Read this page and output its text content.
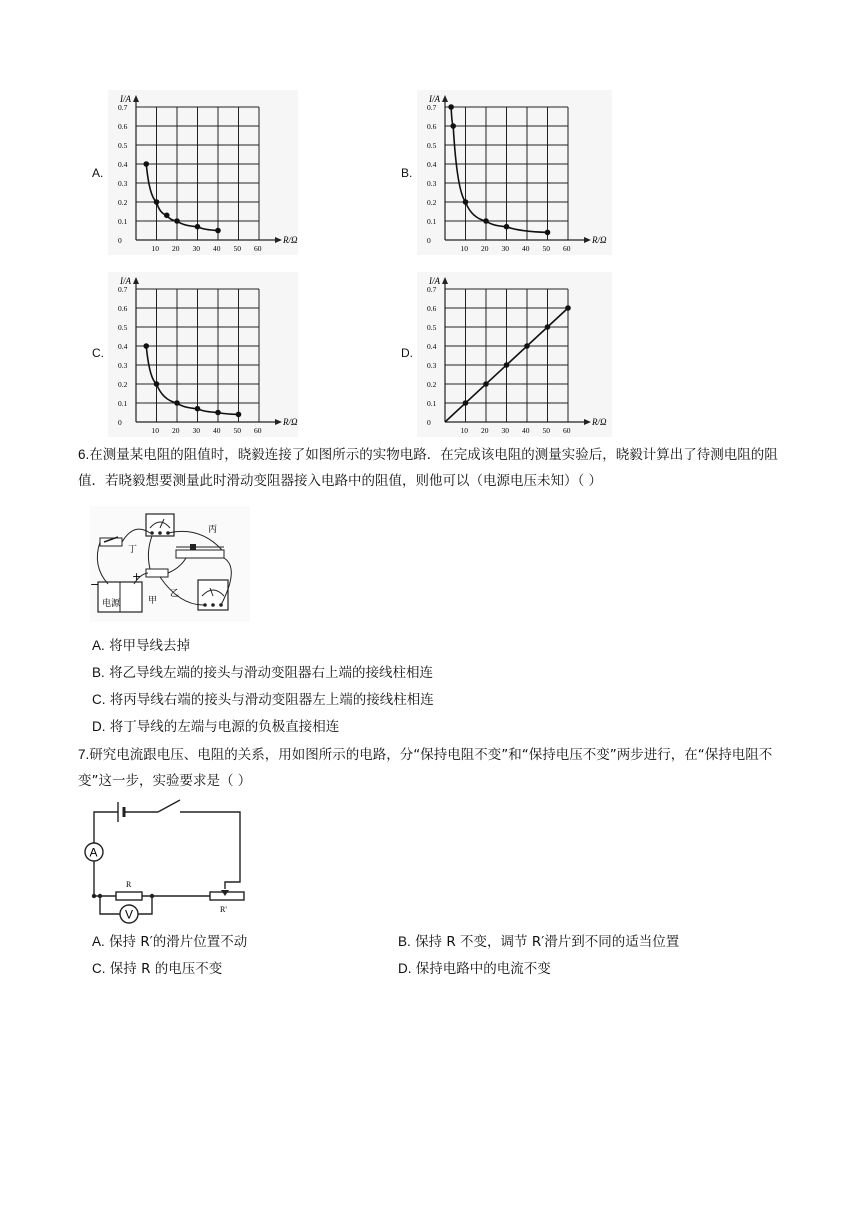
A.	B.
C.	D.
I/A
R/Ω
0.7
0.6
0.5
0.4
0.3
0.2
0.1
0
10 20 30 40 50 60
I/A
R/Ω
0.7
0.6
0.5
0.4
0.3
0.2
0.1
0
10 20 30 40 50 60
I/A
R/Ω
0.7
0.6
0.5
0.4
0.3
0.2
0.1
0
10 20 30 40 50 60
I/A
R/Ω
0.7
0.6
0.5
0.4
0.3
0.2
0.1
0
10 20 30 40 50 60
6.在测量某电阻的阻值时，晓毅连接了如图所示的实物电路．在完成该电阻的测量实验后，晓毅计算出了待测电阻的阻值．若晓毅想要测量此时滑动变阻器接入电路中的阻值，则他可以（电源电压未知）（ ）
丁
丙
乙
甲
电源
−
+
A. 将甲导线去掉
B. 将乙导线左端的接头与滑动变阻器右上端的接线柱相连
C. 将丙导线右端的接头与滑动变阻器左上端的接线柱相连
D. 将丁导线的左端与电源的负极直接相连
7.研究电流跟电压、电阻的关系，用如图所示的电路，分“保持电阻不变”和“保持电压不变”两步进行，在“保持电阻不变”这一步，实验要求是（ ）
A
V
R
R'
A. 保持 R′的滑片位置不动	B. 保持 R 不变，调节 R′滑片到不同的适当位置
C. 保持 R 的电压不变	D. 保持电路中的电流不变
